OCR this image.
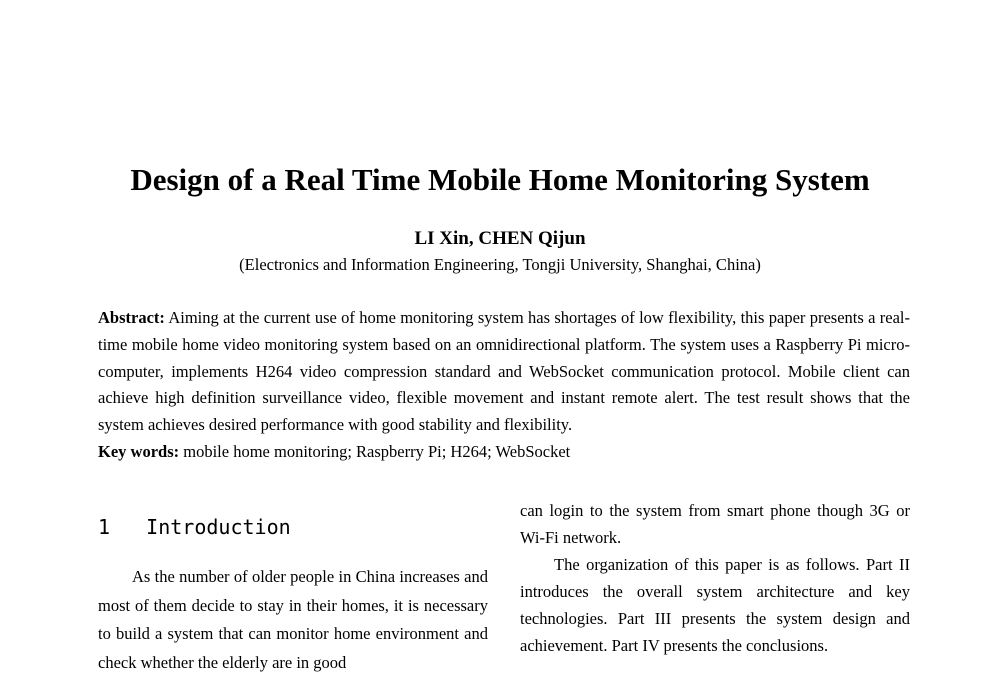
Design of a Real Time Mobile Home Monitoring System
LI Xin, CHEN Qijun
(Electronics and Information Engineering, Tongji University, Shanghai, China)
Abstract: Aiming at the current use of home monitoring system has shortages of low flexibility, this paper presents a real-time mobile home video monitoring system based on an omnidirectional platform. The system uses a Raspberry Pi micro-computer, implements H264 video compression standard and WebSocket communication protocol. Mobile client can achieve high definition surveillance video, flexible movement and instant remote alert. The test result shows that the system achieves desired performance with good stability and flexibility.
Key words: mobile home monitoring; Raspberry Pi; H264; WebSocket
1 Introduction
As the number of older people in China increases and most of them decide to stay in their homes, it is necessary to build a system that can monitor home environment and check whether the elderly are in good

can login to the system from smart phone though 3G or Wi-Fi network.

The organization of this paper is as follows. Part II introduces the overall system architecture and key technologies. Part III presents the system design and achievement. Part IV presents the conclusions.
